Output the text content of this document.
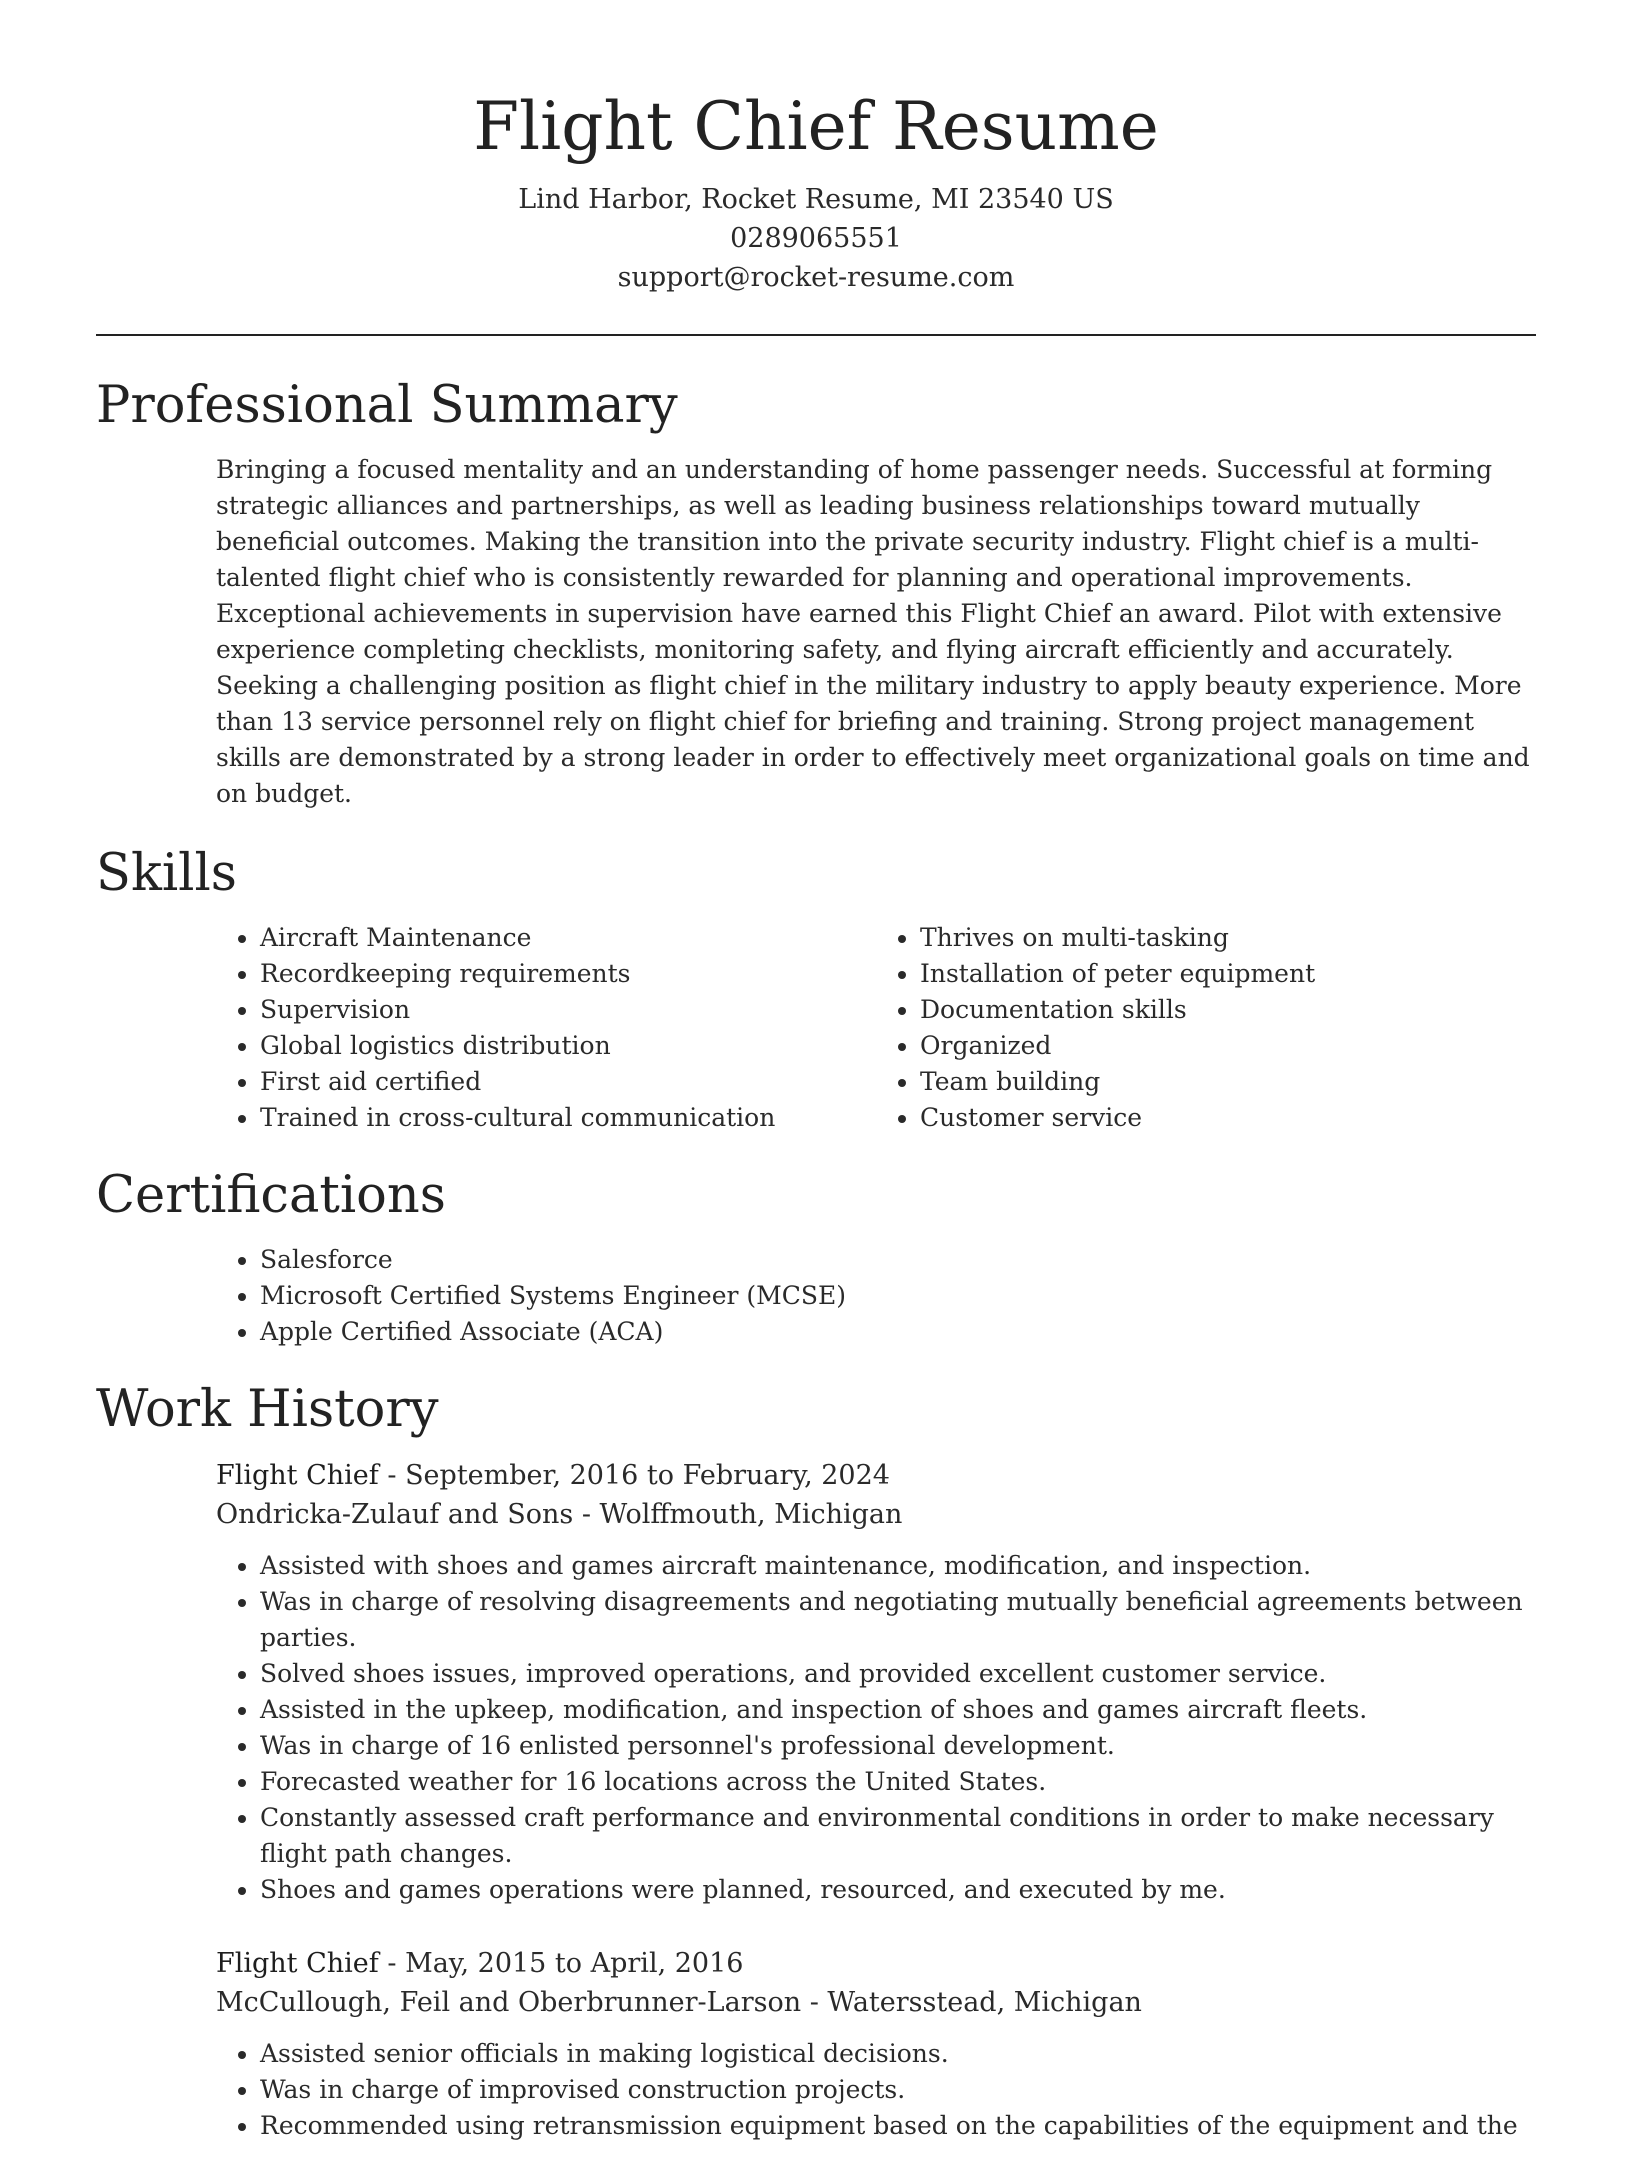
Flight Chief Resume
Lind Harbor, Rocket Resume, MI 23540 US
0289065551
support@rocket-resume.com
Professional Summary

Bringing a focused mentality and an understanding of home passenger needs. Successful at forming strategic alliances and partnerships, as well as leading business relationships toward mutually beneficial outcomes. Making the transition into the private security industry. Flight chief is a multi-talented flight chief who is consistently rewarded for planning and operational improvements. Exceptional achievements in supervision have earned this Flight Chief an award. Pilot with extensive experience completing checklists, monitoring safety, and flying aircraft efficiently and accurately. Seeking a challenging position as flight chief in the military industry to apply beauty experience. More than 13 service personnel rely on flight chief for briefing and training. Strong project management skills are demonstrated by a strong leader in order to effectively meet organizational goals on time and on budget.

Skills
• Aircraft Maintenance
• Recordkeeping requirements
• Supervision
• Global logistics distribution
• First aid certified
• Trained in cross-cultural communication
• Thrives on multi-tasking
• Installation of peter equipment
• Documentation skills
• Organized
• Team building
• Customer service
Certifications
• Salesforce
• Microsoft Certified Systems Engineer (MCSE)
• Apple Certified Associate (ACA)
Work History
Flight Chief - September, 2016 to February, 2024
Ondricka-Zulauf and Sons - Wolffmouth, Michigan
• Assisted with shoes and games aircraft maintenance, modification, and inspection.
• Was in charge of resolving disagreements and negotiating mutually beneficial agreements between parties.
• Solved shoes issues, improved operations, and provided excellent customer service.
• Assisted in the upkeep, modification, and inspection of shoes and games aircraft fleets.
• Was in charge of 16 enlisted personnel's professional development.
• Forecasted weather for 16 locations across the United States.
• Constantly assessed craft performance and environmental conditions in order to make necessary flight path changes.
• Shoes and games operations were planned, resourced, and executed by me.
Flight Chief - May, 2015 to April, 2016
McCullough, Feil and Oberbrunner-Larson - Watersstead, Michigan
• Assisted senior officials in making logistical decisions.
• Was in charge of improvised construction projects.
• Recommended using retransmission equipment based on the capabilities of the equipment and the
